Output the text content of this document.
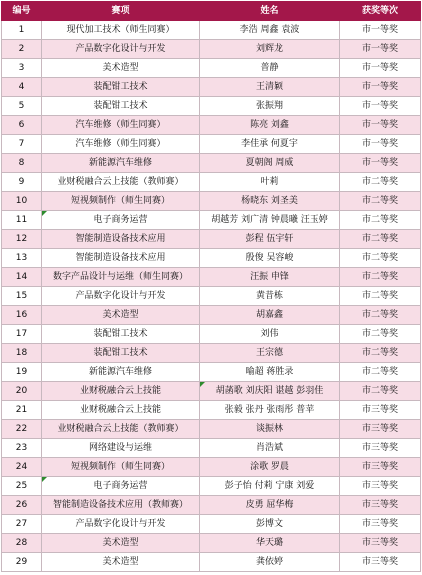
编号	赛项	姓名	获奖等次
1	现代加工技术（师生同赛）	李浩 周鑫 袁波	市一等奖
2	产品数字化设计与开发	刘辉龙	市一等奖
3	美术造型	普静	市一等奖
4	装配钳工技术	王清颖	市一等奖
5	装配钳工技术	张振翔	市一等奖
6	汽车维修（师生同赛）	陈亮 刘鑫	市一等奖
7	汽车维修（师生同赛）	李佳承 何夏宇	市一等奖
8	新能源汽车维修	夏朝阁 周威	市一等奖
9	业财税融合云上技能（教师赛）	叶莉	市二等奖
10	短视频制作（师生同赛）	杨晓东 刘圣美	市二等奖
11	电子商务运营	胡越芳 刘广清 钟晨曦 汪玉婷	市二等奖
12	智能制造设备技术应用	彭程 伍宇轩	市二等奖
13	智能制造设备技术应用	殷俊 吴容峻	市二等奖
14	数字产品设计与运维（师生同赛）	汪振 申锋	市二等奖
15	产品数字化设计与开发	黄昔栋	市二等奖
16	美术造型	胡嘉鑫	市二等奖
17	装配钳工技术	刘伟	市二等奖
18	装配钳工技术	王宗德	市二等奖
19	新能源汽车维修	喻超 蒋胜录	市二等奖
20	业财税融合云上技能	胡菡歌 刘庆阳 谌越 彭羽佳	市二等奖
21	业财税融合云上技能	张毅 张丹 张雨彤 普苹	市三等奖
22	业财税融合云上技能（教师赛）	谈振林	市三等奖
23	网络建设与运维	肖浩斌	市三等奖
24	短视频制作（师生同赛）	涂歌 罗晨	市三等奖
25	电子商务运营	彭子怡 付莉 宁康 刘爱	市三等奖
26	智能制造设备技术应用（教师赛）	皮勇 屈华梅	市三等奖
27	产品数字化设计与开发	彭博文	市三等奖
28	美术造型	华天璐	市三等奖
29	美术造型	龚依婷	市三等奖
